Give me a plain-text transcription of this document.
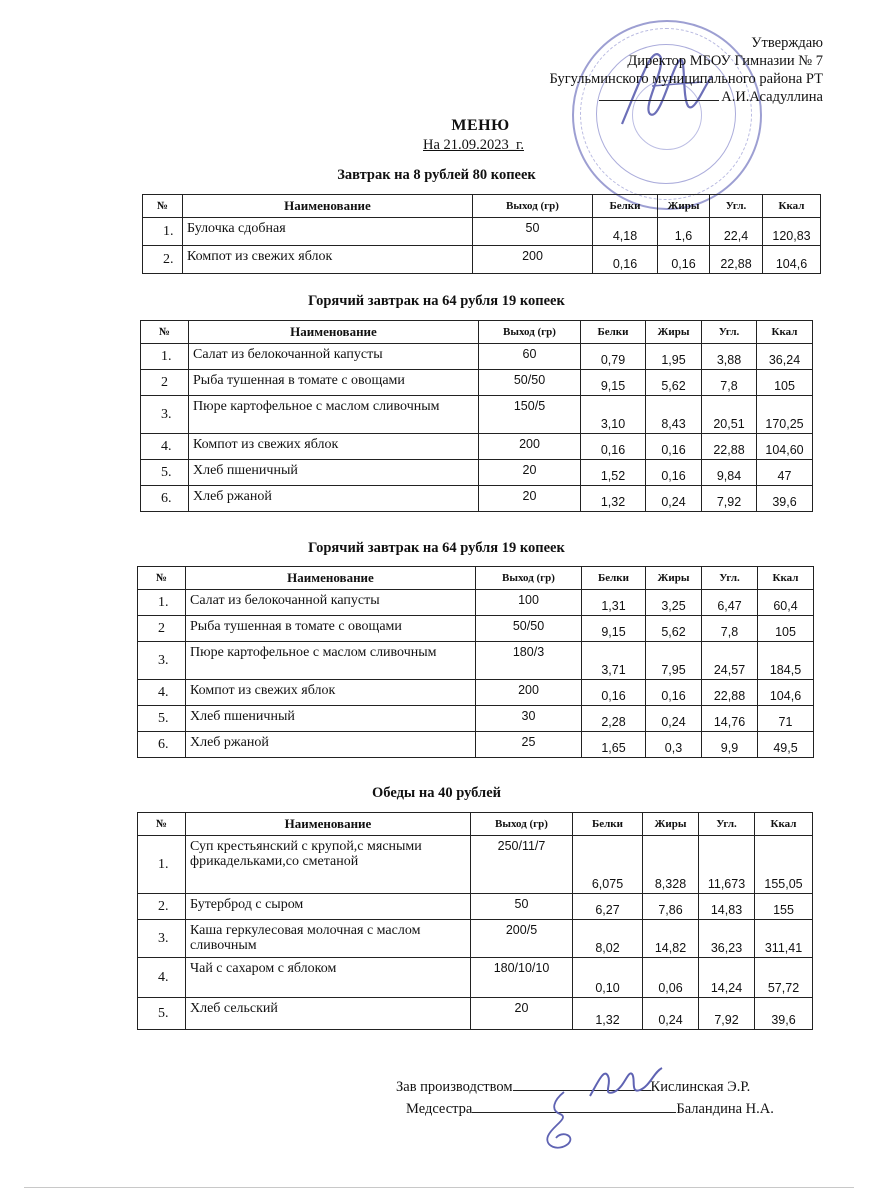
Утверждаю
Директор МБОУ Гимназии № 7
Бугульминского муниципального района РТ
А.И.Асадуллина
МЕНЮ
На 21.09.2023_г.
Завтрак на 8 рублей 80 копеек
№	Наименование	Выход (гр)	Белки	Жиры	Угл.	Ккал
1.	Булочка сдобная	50	4,18	1,6	22,4	120,83
2.	Компот из свежих яблок	200	0,16	0,16	22,88	104,6
Горячий завтрак на 64 рубля 19 копеек
№	Наименование	Выход (гр)	Белки	Жиры	Угл.	Ккал
1.	Салат из белокочанной капусты	60	0,79	1,95	3,88	36,24
2	Рыба тушенная в томате с овощами	50/50	9,15	5,62	7,8	105
3.	Пюре картофельное с маслом сливочным	150/5	3,10	8,43	20,51	170,25
4.	Компот из свежих яблок	200	0,16	0,16	22,88	104,60
5.	Хлеб пшеничный	20	1,52	0,16	9,84	47
6.	Хлеб ржаной	20	1,32	0,24	7,92	39,6
Горячий завтрак на 64 рубля 19 копеек
№	Наименование	Выход (гр)	Белки	Жиры	Угл.	Ккал
1.	Салат из белокочанной капусты	100	1,31	3,25	6,47	60,4
2	Рыба тушенная в томате с овощами	50/50	9,15	5,62	7,8	105
3.	Пюре картофельное с маслом сливочным	180/3	3,71	7,95	24,57	184,5
4.	Компот из свежих яблок	200	0,16	0,16	22,88	104,6
5.	Хлеб пшеничный	30	2,28	0,24	14,76	71
6.	Хлеб ржаной	25	1,65	0,3	9,9	49,5
Обеды на 40 рублей
№	Наименование	Выход (гр)	Белки	Жиры	Угл.	Ккал
1.	Суп крестьянский с крупой,с мясными фрикадельками,со сметаной	250/11/7	6,075	8,328	11,673	155,05
2.	Бутерброд с сыром	50	6,27	7,86	14,83	155
3.	Каша геркулесовая молочная с маслом сливочным	200/5	8,02	14,82	36,23	311,41
4.	Чай с сахаром с яблоком	180/10/10	0,10	0,06	14,24	57,72
5.	Хлеб сельский	20	1,32	0,24	7,92	39,6
Зав производством	Кислинская Э.Р.
Медсестра	Баландина Н.А.
